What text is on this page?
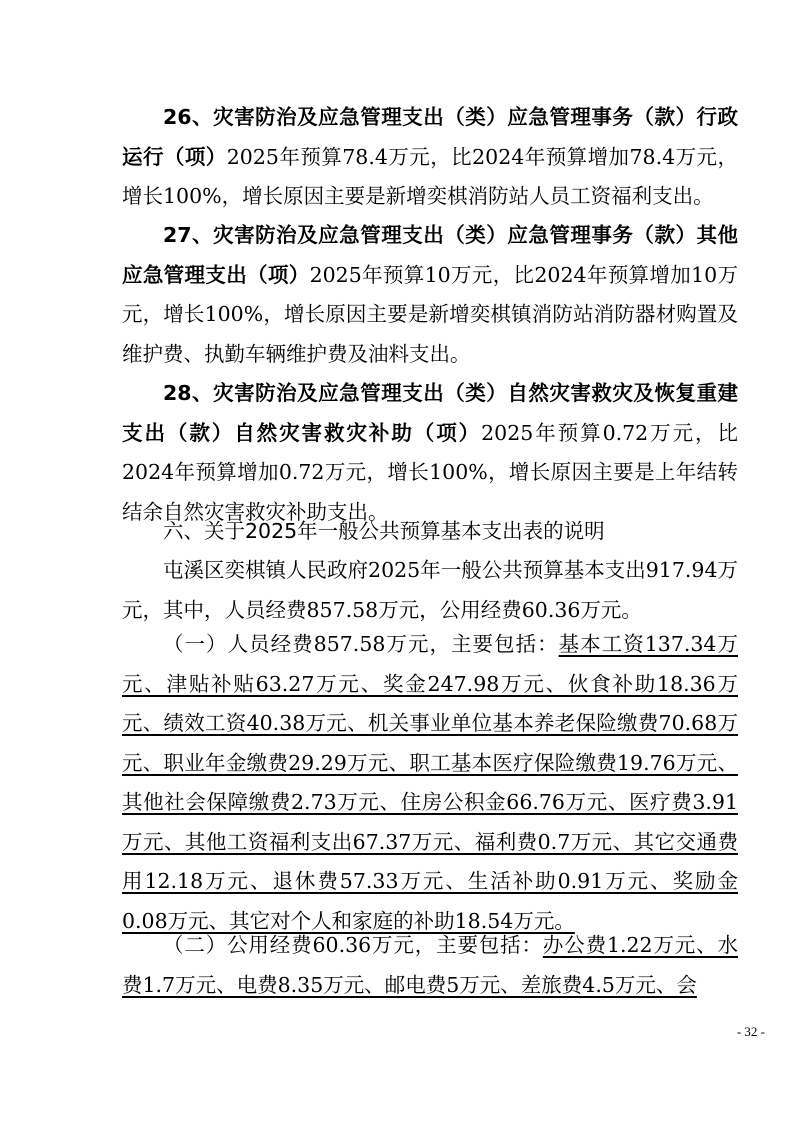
26、灾害防治及应急管理支出（类）应急管理事务（款）行政运行（项）2025年预算78.4万元，比2024年预算增加78.4万元，增长100%，增长原因主要是新增奕棋消防站人员工资福利支出。

27、灾害防治及应急管理支出（类）应急管理事务（款）其他应急管理支出（项）2025年预算10万元，比2024年预算增加10万元，增长100%，增长原因主要是新增奕棋镇消防站消防器材购置及维护费、执勤车辆维护费及油料支出。

28、灾害防治及应急管理支出（类）自然灾害救灾及恢复重建支出（款）自然灾害救灾补助（项）2025年预算0.72万元，比2024年预算增加0.72万元，增长100%，增长原因主要是上年结转结余自然灾害救灾补助支出。

六、关于2025年一般公共预算基本支出表的说明

屯溪区奕棋镇人民政府2025年一般公共预算基本支出917.94万元，其中，人员经费857.58万元，公用经费60.36万元。

（一）人员经费857.58万元，主要包括：基本工资137.34万元、津贴补贴63.27万元、奖金247.98万元、伙食补助18.36万元、绩效工资40.38万元、机关事业单位基本养老保险缴费70.68万元、职业年金缴费29.29万元、职工基本医疗保险缴费19.76万元、其他社会保障缴费2.73万元、住房公积金66.76万元、医疗费3.91万元、其他工资福利支出67.37万元、福利费0.7万元、其它交通费用12.18万元、退休费57.33万元、生活补助0.91万元、奖励金0.08万元、其它对个人和家庭的补助18.54万元。

（二）公用经费60.36万元，主要包括：办公费1.22万元、水费1.7万元、电费8.35万元、邮电费5万元、差旅费4.5万元、会

- 32 -
